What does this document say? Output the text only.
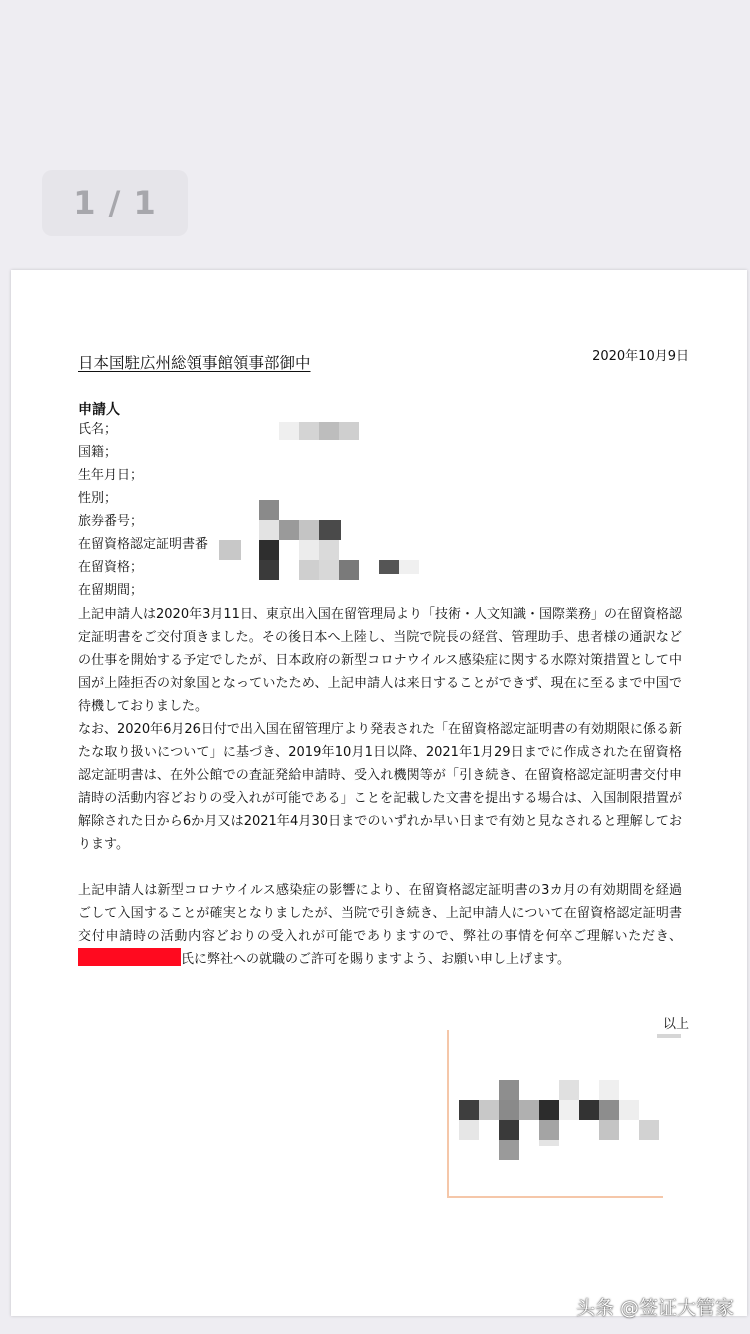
1 / 1
日本国駐広州総領事館領事部御中	2020年10月9日
申請人
氏名；
国籍；
生年月日；
性別；
旅券番号；
在留資格認定証明書番
在留資格；
在留期間；

上記申請人は2020年3月11日、東京出入国在留管理局より「技術・人文知識・国際業務」の在留資格認定証明書をご交付頂きました。その後日本へ上陸し、当院で院長の経営、管理助手、患者様の通訳などの仕事を開始する予定でしたが、日本政府の新型コロナウイルス感染症に関する水際対策措置として中国が上陸拒否の対象国となっていたため、上記申請人は来日することができず、現在に至るまで中国で待機しておりました。

なお、2020年6月26日付で出入国在留管理庁より発表された「在留資格認定証明書の有効期限に係る新たな取り扱いについて」に基づき、2019年10月1日以降、2021年1月29日までに作成された在留資格認定証明書は、在外公館での査証発給申請時、受入れ機関等が「引き続き、在留資格認定証明書交付申請時の活動内容どおりの受入れが可能である」ことを記載した文書を提出する場合は、入国制限措置が解除された日から6か月又は2021年4月30日までのいずれか早い日まで有効と見なされると理解しております。

上記申請人は新型コロナウイルス感染症の影響により、在留資格認定証明書の3カ月の有効期間を経過ごして入国することが確実となりましたが、当院で引き続き、上記申請人について在留資格認定証明書交付申請時の活動内容どおりの受入れが可能でありますので、弊社の事情を何卒ご理解いただき、氏に弊社への就職のご許可を賜りますよう、お願い申し上げます。

以上
头条 @签证大管家
